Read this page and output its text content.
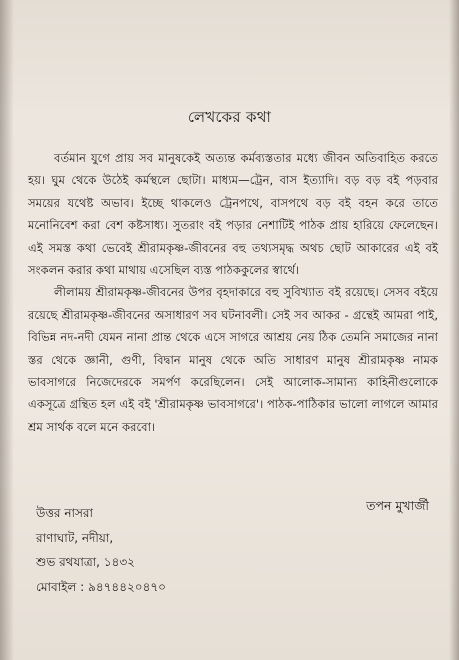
লেখকের কথা

বর্তমান যুগে প্রায় সব মানুষকেই অত্যন্ত কর্মব্যস্ততার মধ্যে জীবন অতিবাহিত করতে হয়। ঘুম থেকে উঠেই কর্মস্থলে ছোটা। মাধ্যম—ট্রেন, বাস ইত্যাদি। বড় বড় বই পড়বার সময়ের যথেষ্ট অভাব। ইচ্ছে থাকলেও ট্রেনপথে, বাসপথে বড় বই বহন করে তাতে মনোনিবেশ করা বেশ কষ্টসাধ্য। সুতরাং বই পড়ার নেশাটিই পাঠক প্রায় হারিয়ে ফেলেছেন। এই সমস্ত কথা ভেবেই শ্রীরামকৃষ্ণ-জীবনের বহু তথ্যসমৃদ্ধ অথচ ছোট আকারের এই বই সংকলন করার কথা মাথায় এসেছিল ব্যস্ত পাঠককুলের স্বার্থে।

লীলাময় শ্রীরামকৃষ্ণ-জীবনের উপর বৃহদাকারে বহু সুবিখ্যাত বই রয়েছে। সেসব বইয়ে রয়েছে শ্রীরামকৃষ্ণ-জীবনের অসাধারণ সব ঘটনাবলী। সেই সব আকর - গ্রন্থেই আমরা পাই, বিভিন্ন নদ-নদী যেমন নানা প্রান্ত থেকে এসে সাগরে আশ্রয় নেয় ঠিক তেমনি সমাজের নানা স্তর থেকে জ্ঞানী, গুণী, বিদ্বান মানুষ থেকে অতি সাধারণ মানুষ শ্রীরামকৃষ্ণ নামক ভাবসাগরে নিজেদেরকে সমর্পণ করেছিলেন। সেই আলোক-সামান্য কাহিনীগুলোকে একসূত্রে গ্রন্থিত হল এই বই 'শ্রীরামকৃষ্ণ ভাবসাগরে'। পাঠক-পাঠিকার ভালো লাগলে আমার শ্রম সার্থক বলে মনে করবো।

তপন মুখার্জী
উত্তর নাসরা
রাণাঘাট, নদীয়া,
শুভ রথযাত্রা, ১৪৩২
মোবাইল : ৯৪৭৪৪২০৪৭০
